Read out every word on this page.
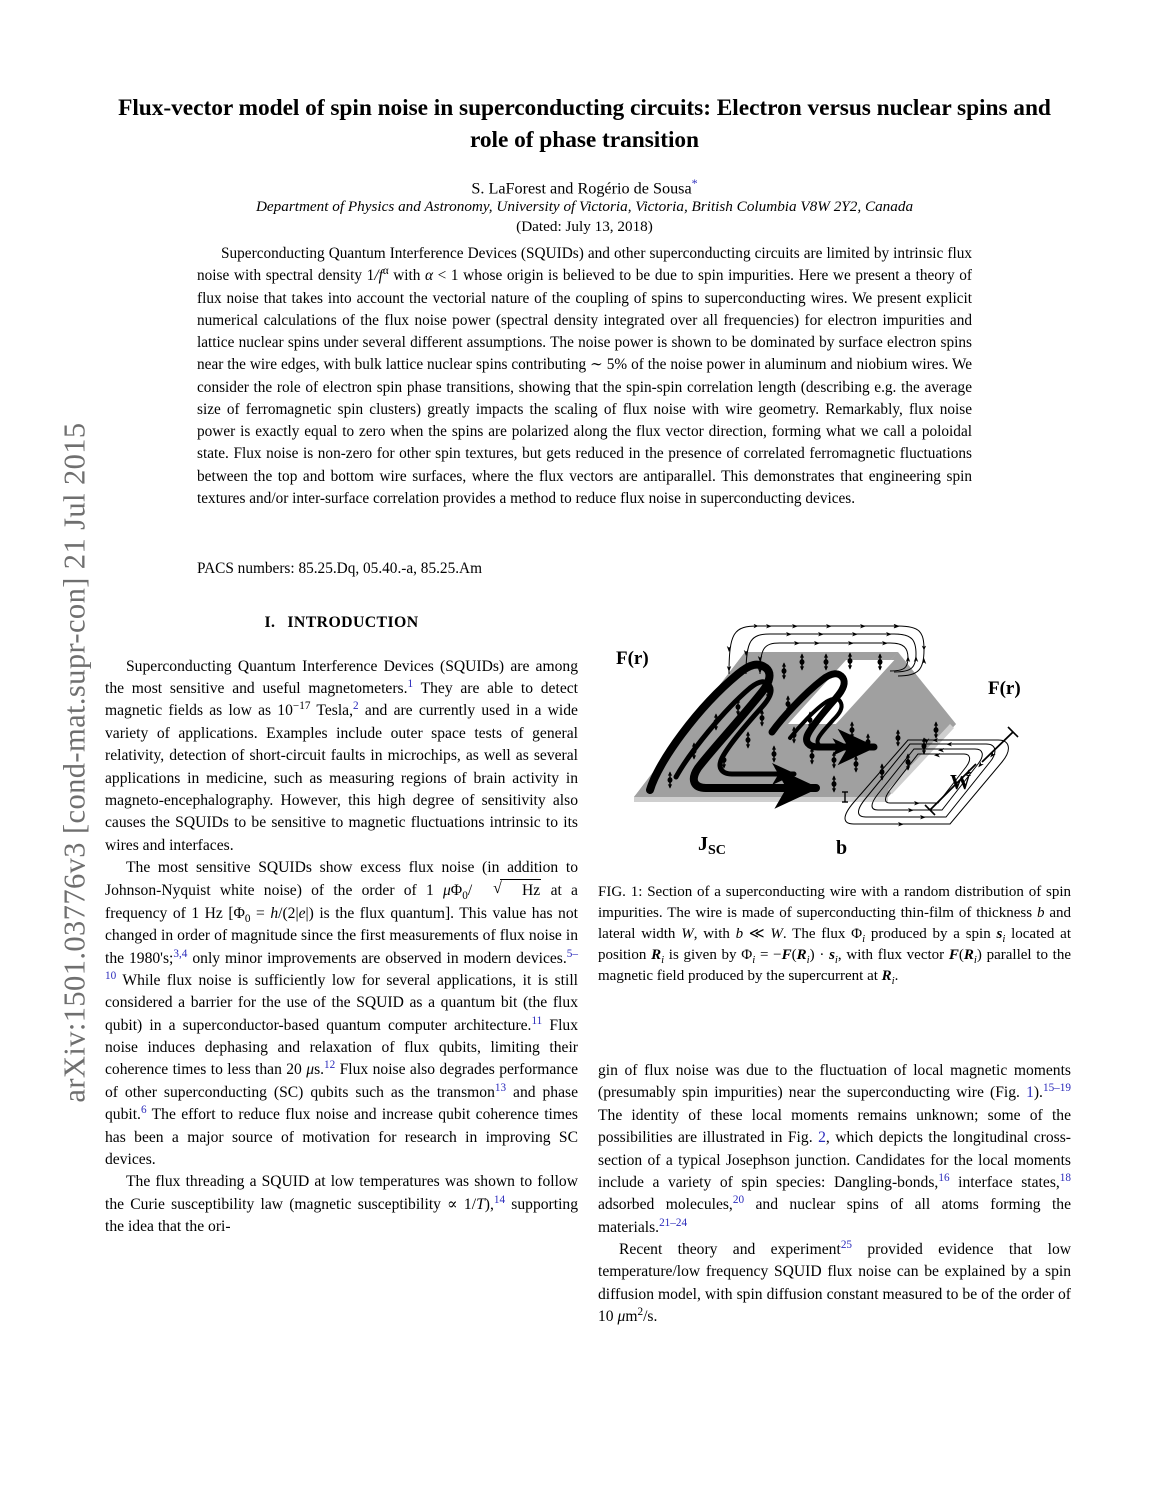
arXiv:1501.03776v3 [cond-mat.supr-con] 21 Jul 2015
Flux-vector model of spin noise in superconducting circuits: Electron versus nuclear spins and role of phase transition
S. LaForest and Rogério de Sousa*
Department of Physics and Astronomy, University of Victoria, Victoria, British Columbia V8W 2Y2, Canada
(Dated: July 13, 2018)
Superconducting Quantum Interference Devices (SQUIDs) and other superconducting circuits are limited by intrinsic flux noise with spectral density $1/f^\alpha$ with α < 1 whose origin is believed to be due to spin impurities. Here we present a theory of flux noise that takes into account the vectorial nature of the coupling of spins to superconducting wires. We present explicit numerical calculations of the flux noise power (spectral density integrated over all frequencies) for electron impurities and lattice nuclear spins under several different assumptions. The noise power is shown to be dominated by surface electron spins near the wire edges, with bulk lattice nuclear spins contributing ∼ 5% of the noise power in aluminum and niobium wires. We consider the role of electron spin phase transitions, showing that the spin-spin correlation length (describing e.g. the average size of ferromagnetic spin clusters) greatly impacts the scaling of flux noise with wire geometry. Remarkably, flux noise power is exactly equal to zero when the spins are polarized along the flux vector direction, forming what we call a poloidal state. Flux noise is non-zero for other spin textures, but gets reduced in the presence of correlated ferromagnetic fluctuations between the top and bottom wire surfaces, where the flux vectors are antiparallel. This demonstrates that engineering spin textures and/or inter-surface correlation provides a method to reduce flux noise in superconducting devices.
PACS numbers: 85.25.Dq, 05.40.-a, 85.25.Am
I. INTRODUCTION

Superconducting Quantum Interference Devices (SQUIDs) are among the most sensitive and useful magnetometers.$^1$ They are able to detect magnetic fields as low as $10^{-17}$ Tesla,$^2$ and are currently used in a wide variety of applications. Examples include outer space tests of general relativity, detection of short-circuit faults in microchips, as well as several applications in medicine, such as measuring regions of brain activity in magneto-encephalography. However, this high degree of sensitivity also causes the SQUIDs to be sensitive to magnetic fluctuations intrinsic to its wires and interfaces.

The most sensitive SQUIDs show excess flux noise (in addition to Johnson-Nyquist white noise) of the order of 1 $\mu\Phi_0/$	√ Hz at a frequency of 1 Hz [$\Phi_0 = h/(2|e|)$ is the flux quantum]. This value has not changed in order of magnitude since the first measurements of flux noise in the 1980's;$^{3,4}$ only minor improvements are observed in modern devices.$^{5-10}$ While flux noise is sufficiently low for several applications, it is still considered a barrier for the use of the SQUID as a quantum bit (the flux qubit) in a superconductor-based quantum computer architecture.$^{11}$ Flux noise induces dephasing and relaxation of flux qubits, limiting their coherence times to less than 20 μs.$^{12}$ Flux noise also degrades performance of other superconducting (SC) qubits such as the transmon$^{13}$ and phase qubit.$^6$ The effort to reduce flux noise and increase qubit coherence times has been a major source of motivation for research in improving SC devices.

The flux threading a SQUID at low temperatures was shown to follow the Curie susceptibility law (magnetic susceptibility ∝ 1/T),$^{14}$ supporting the idea that the ori-

F(r)
$J_{SC}$	b
W
F(r)
FIG. 1: Section of a superconducting wire with a random distribution of spin impurities. The wire is made of superconducting thin-film of thickness b and lateral width W, with b ≪ W. The flux $\Phi_i$ produced by a spin $s_i$ located at position $R_i$ is given by $\Phi_i = -F(R_i) \cdot s_i$, with flux vector $F(R_i)$ parallel to the magnetic field produced by the supercurrent at $R_i$.

gin of flux noise was due to the fluctuation of local magnetic moments (presumably spin impurities) near the superconducting wire (Fig. 1).$^{15-19}$ The identity of these local moments remains unknown; some of the possibilities are illustrated in Fig. 2, which depicts the longitudinal cross-section of a typical Josephson junction. Candidates for the local moments include a variety of spin species: Dangling-bonds,$^{16}$ interface states,$^{18}$ adsorbed molecules,$^{20}$ and nuclear spins of all atoms forming the materials.$^{21-24}$

Recent theory and experiment$^{25}$ provided evidence that low temperature/low frequency SQUID flux noise can be explained by a spin diffusion model, with spin diffusion constant measured to be of the order of 10 $\mu m^2/s$.
